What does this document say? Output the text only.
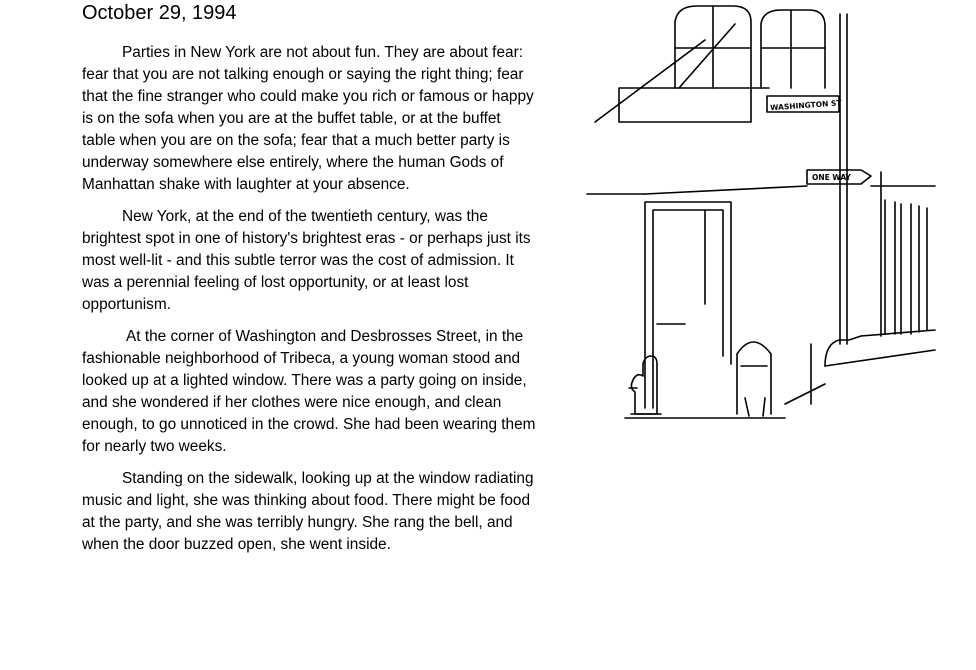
October 29, 1994

Parties in New York are not about fun. They are about fear: fear that you are not talking enough or saying the right thing; fear that the fine stranger who could make you rich or famous or happy is on the sofa when you are at the buffet table, or at the buffet table when you are on the sofa; fear that a much better party is underway somewhere else entirely, where the human Gods of Manhattan shake with laughter at your absence.

New York, at the end of the twentieth century, was the brightest spot in one of history's brightest eras - or perhaps just its most well-lit - and this subtle terror was the cost of admission. It was a perennial feeling of lost opportunity, or at least lost opportunism.

At the corner of Washington and Desbrosses Street, in the fashionable neighborhood of Tribeca, a young woman stood and looked up at a lighted window. There was a party going on inside, and she wondered if her clothes were nice enough, and clean enough, to go unnoticed in the crowd. She had been wearing them for nearly two weeks.

Standing on the sidewalk, looking up at the window radiating music and light, she was thinking about food. There might be food at the party, and she was terribly hungry. She rang the bell, and when the door buzzed open, she went inside.

WASHINGTON ST
ONE WAY
